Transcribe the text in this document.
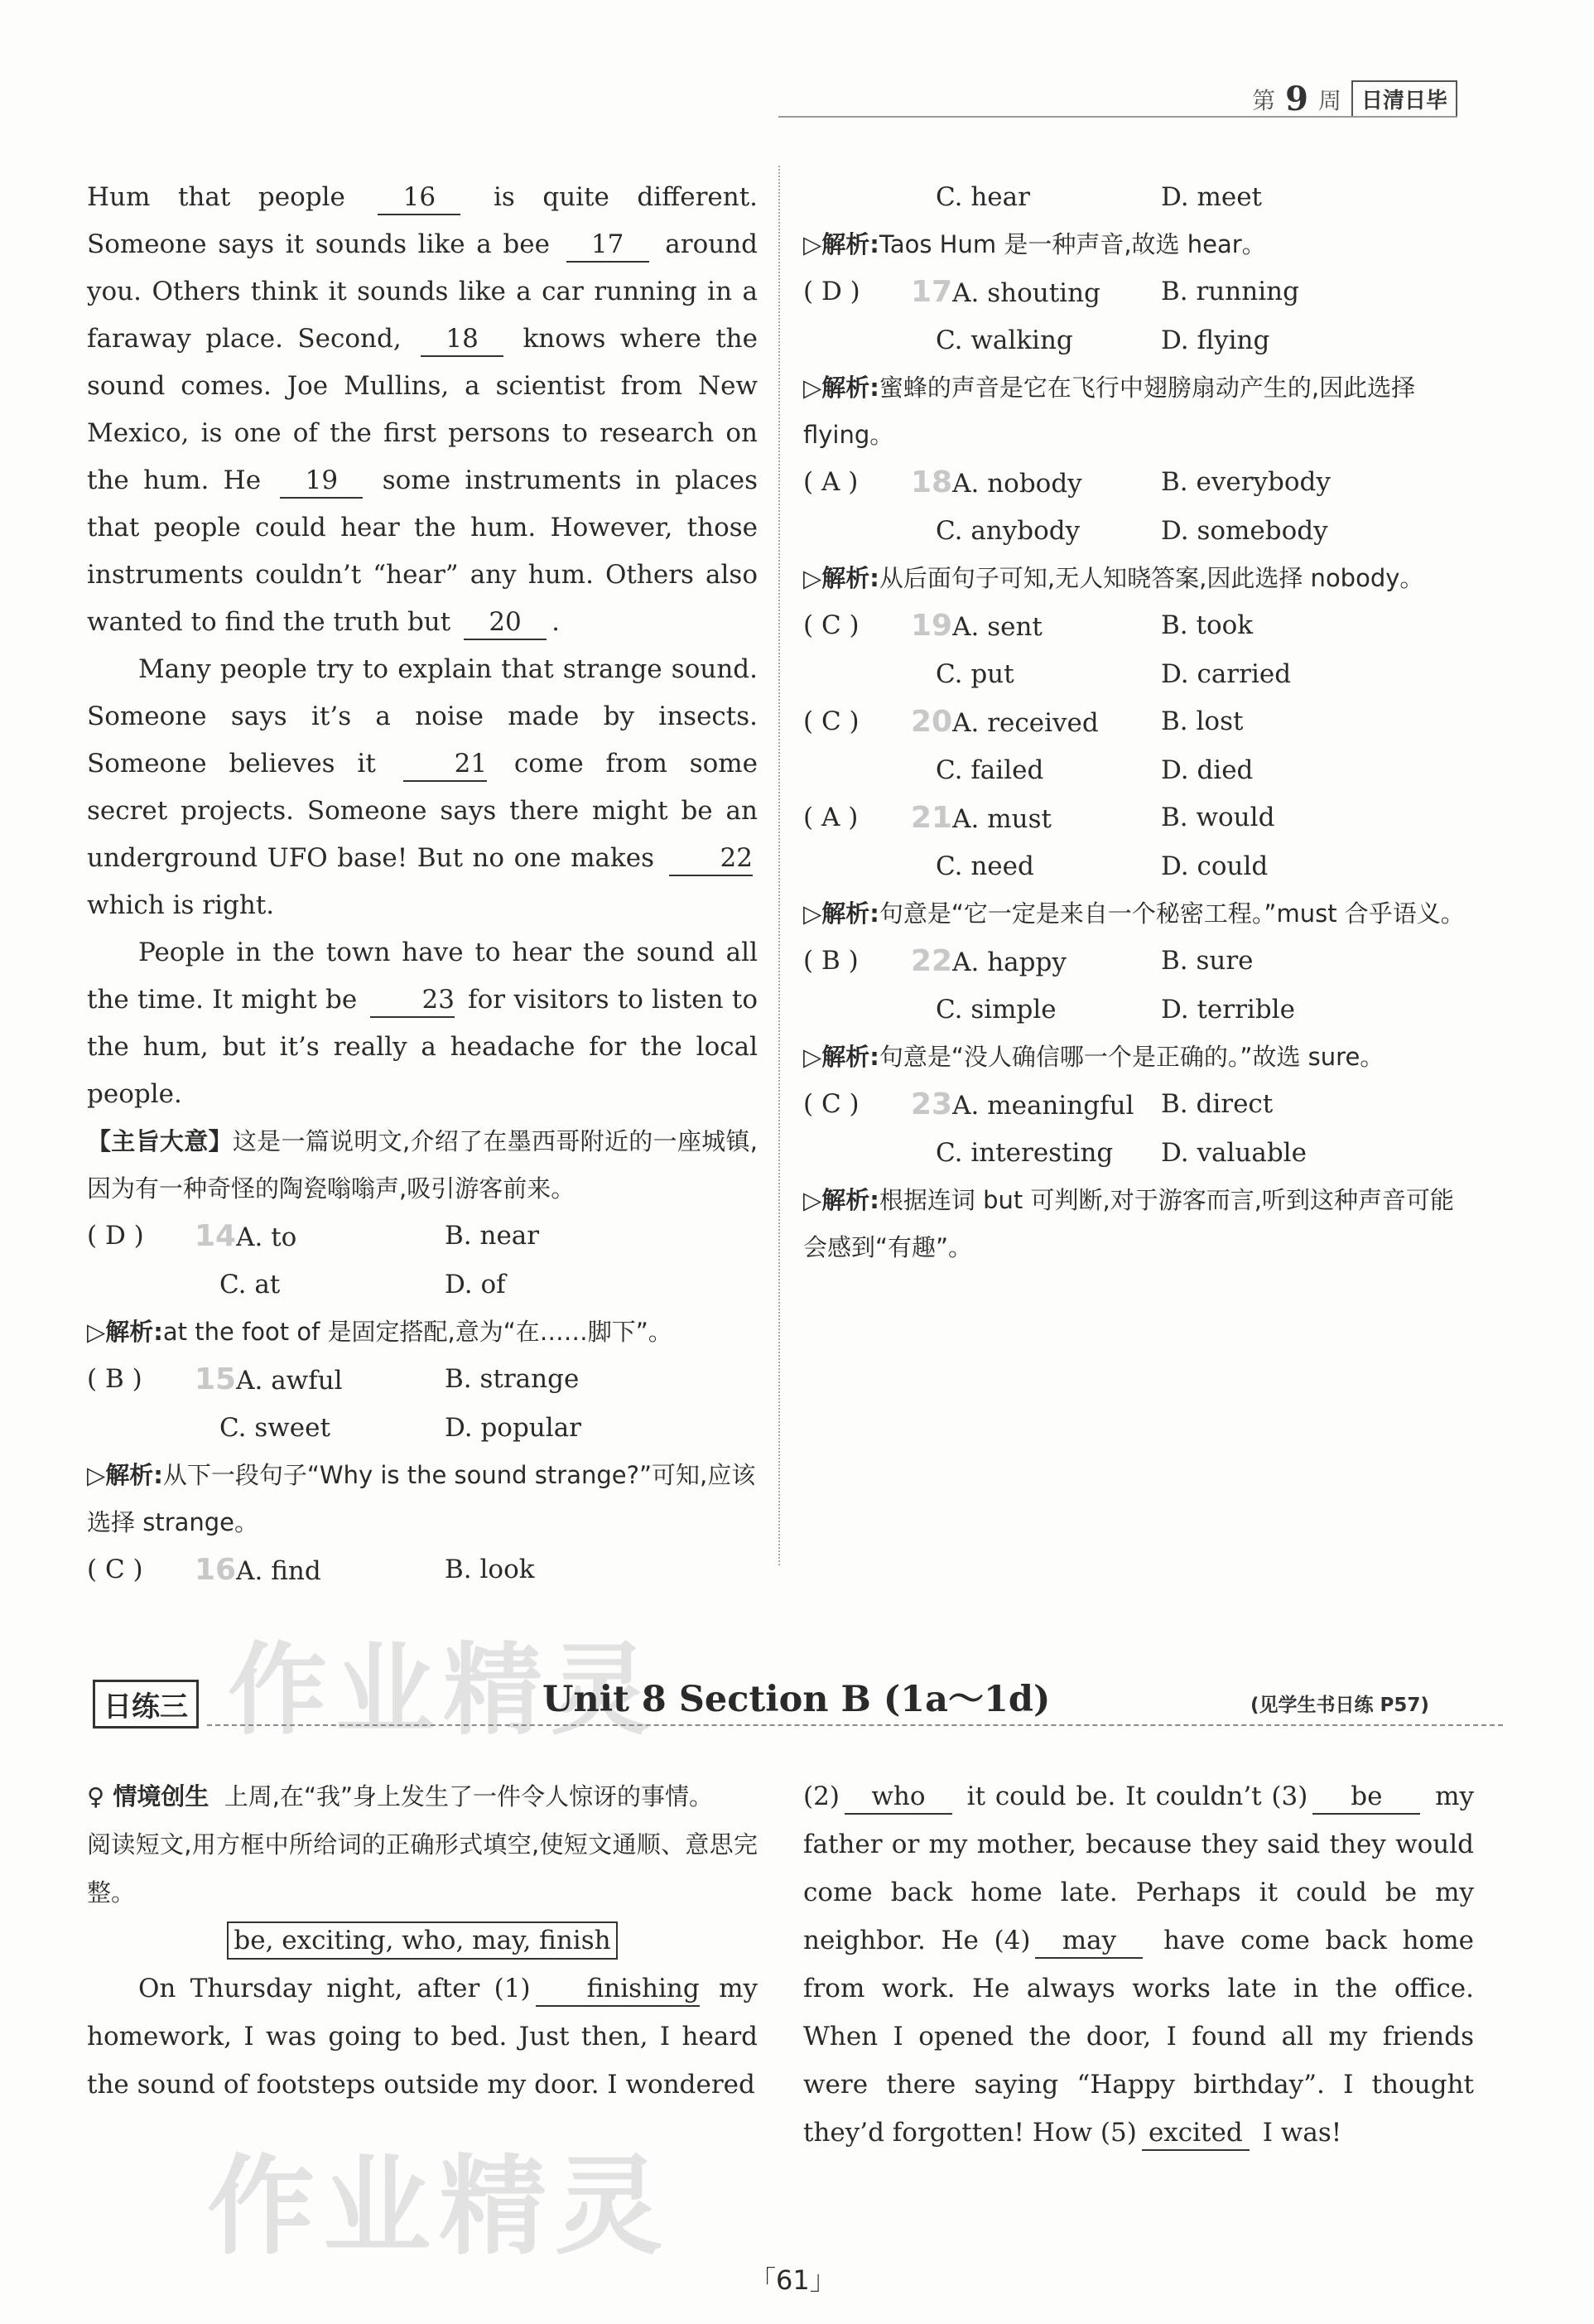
第 9 周 日清日毕

Hum that people 16 is quite different. Someone says it sounds like a bee 17 around you. Others think it sounds like a car running in a faraway place. Second, 18 knows where the sound comes. Joe Mullins, a scientist from New Mexico, is one of the first persons to research on the hum. He 19 some instruments in places that people could hear the hum. However, those instruments couldn’t “hear” any hum. Others also wanted to find the truth but 20 .

Many people try to explain that strange sound. Someone says it’s a noise made by insects. Someone believes it 21 come from some secret projects. Someone says there might be an underground UFO base! But no one makes 22 which is right.

People in the town have to hear the sound all the time. It might be 23 for visitors to listen to the hum, but it’s really a headache for the local people.

【主旨大意】这是一篇说明文,介绍了在墨西哥附近的一座城镇,因为有一种奇怪的陶瓷嗡嗡声,吸引游客前来。

( D )	14A. to	B. near
C. at	D. of

▷解析:at the foot of 是固定搭配,意为“在……脚下”。

( B )	15A. awful	B. strange
C. sweet	D. popular

▷解析:从下一段句子“Why is the sound strange?”可知,应该选择 strange。

( C )	16A. find	B. look
C. hear	D. meet

▷解析:Taos Hum 是一种声音,故选 hear。

( D )	17A. shouting	B. running
C. walking	D. flying

▷解析:蜜蜂的声音是它在飞行中翅膀扇动产生的,因此选择 flying。

( A )	18A. nobody	B. everybody
C. anybody	D. somebody

▷解析:从后面句子可知,无人知晓答案,因此选择 nobody。

( C )	19A. sent	B. took
C. put	D. carried
( C )	20A. received	B. lost
C. failed	D. died
( A )	21A. must	B. would
C. need	D. could

▷解析:句意是“它一定是来自一个秘密工程。”must 合乎语义。

( B )	22A. happy	B. sure
C. simple	D. terrible

▷解析:句意是“没人确信哪一个是正确的。”故选 sure。

( C )	23A. meaningful	B. direct
C. interesting	D. valuable

▷解析:根据连词 but 可判断,对于游客而言,听到这种声音可能会感到“有趣”。

作业精灵
日练三	Unit 8 Section B (1a～1d)	(见学生书日练 P57)

♀ 情境创生 上周,在“我”身上发生了一件令人惊讶的事情。

阅读短文,用方框中所给词的正确形式填空,使短文通顺、意思完整。

be, exciting, who, may, finish

On Thursday night, after (1) finishing my homework, I was going to bed. Just then, I heard the sound of footsteps outside my door. I wondered

(2) who it could be. It couldn’t (3) be my father or my mother, because they said they would come back home late. Perhaps it could be my neighbor. He (4) may have come back home from work. He always works late in the office. When I opened the door, I found all my friends were there saying “Happy birthday”. I thought they’d forgotten! How (5) excited I was!

作业精灵
「61」
